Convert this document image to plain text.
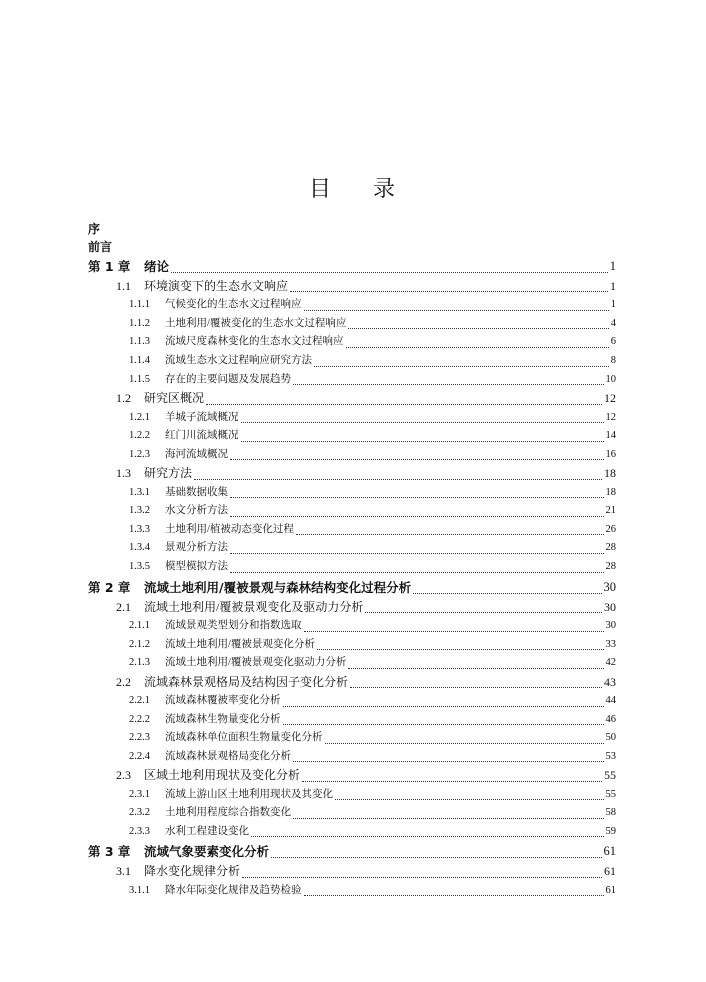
目 录
序
前言
第 1 章 绪论	1
1.1 环境演变下的生态水文响应	1
1.1.1 气候变化的生态水文过程响应	1
1.1.2 土地利用/覆被变化的生态水文过程响应	4
1.1.3 流域尺度森林变化的生态水文过程响应	6
1.1.4 流域生态水文过程响应研究方法	8
1.1.5 存在的主要问题及发展趋势	10
1.2 研究区概况	12
1.2.1 羊城子流域概况	12
1.2.2 红门川流域概况	14
1.2.3 海河流域概况	16
1.3 研究方法	18
1.3.1 基础数据收集	18
1.3.2 水文分析方法	21
1.3.3 土地利用/植被动态变化过程	26
1.3.4 景观分析方法	28
1.3.5 模型模拟方法	28
第 2 章 流域土地利用/覆被景观与森林结构变化过程分析	30
2.1 流域土地利用/覆被景观变化及驱动力分析	30
2.1.1 流域景观类型划分和指数选取	30
2.1.2 流域土地利用/覆被景观变化分析	33
2.1.3 流域土地利用/覆被景观变化驱动力分析	42
2.2 流域森林景观格局及结构因子变化分析	43
2.2.1 流域森林覆被率变化分析	44
2.2.2 流域森林生物量变化分析	46
2.2.3 流域森林单位面积生物量变化分析	50
2.2.4 流域森林景观格局变化分析	53
2.3 区域土地利用现状及变化分析	55
2.3.1 流域上游山区土地利用现状及其变化	55
2.3.2 土地利用程度综合指数变化	58
2.3.3 水利工程建设变化	59
第 3 章 流域气象要素变化分析	61
3.1 降水变化规律分析	61
3.1.1 降水年际变化规律及趋势检验	61
